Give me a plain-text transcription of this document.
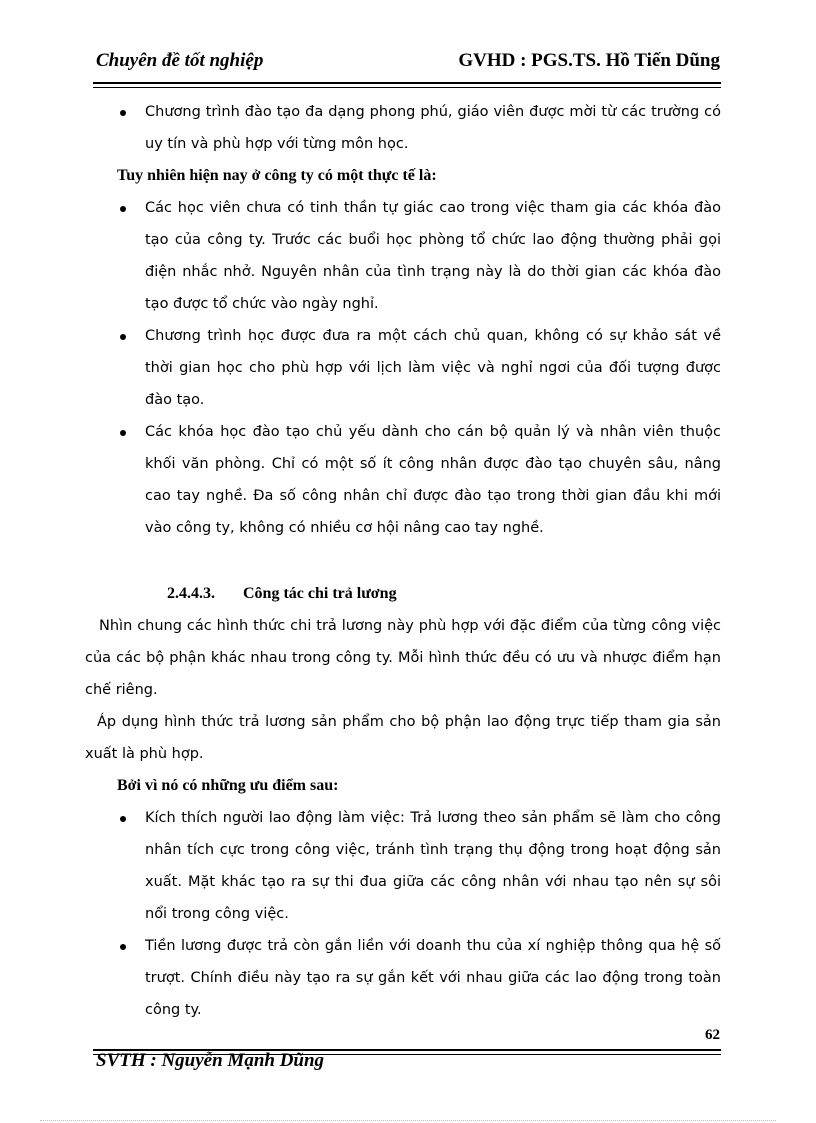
Chuyên đề tốt nghiệp	GVHD : PGS.TS. Hồ Tiến Dũng
Chương trình đào tạo đa dạng phong phú, giáo viên được mời từ các trường có uy tín và phù hợp với từng môn học.
Tuy nhiên hiện nay ở công ty có một thực tế là:
Các học viên chưa có tinh thần tự giác cao trong việc tham gia các khóa đào tạo của công ty. Trước các buổi học phòng tổ chức lao động thường phải gọi điện nhắc nhở. Nguyên nhân của tình trạng này là do thời gian các khóa đào tạo được tổ chức vào ngày nghỉ.
Chương trình học được đưa ra một cách chủ quan, không có sự khảo sát về thời gian học cho phù hợp với lịch làm việc và nghỉ ngơi của đối tượng được đào tạo.
Các khóa học đào tạo chủ yếu dành cho cán bộ quản lý và nhân viên thuộc khối văn phòng. Chỉ có một số ít công nhân được đào tạo chuyên sâu, nâng cao tay nghề. Đa số công nhân chỉ được đào tạo trong thời gian đầu khi mới vào công ty, không có nhiều cơ hội nâng cao tay nghề.
2.4.4.3. Công tác chi trả lương
Nhìn chung các hình thức chi trả lương này phù hợp với đặc điểm của từng công việc của các bộ phận khác nhau trong công ty. Mỗi hình thức đều có ưu và nhược điểm hạn chế riêng.
Áp dụng hình thức trả lương sản phẩm cho bộ phận lao động trực tiếp tham gia sản xuất là phù hợp.
Bởi vì nó có những ưu điểm sau:
Kích thích người lao động làm việc: Trả lương theo sản phẩm sẽ làm cho công nhân tích cực trong công việc, tránh tình trạng thụ động trong hoạt động sản xuất. Mặt khác tạo ra sự thi đua giữa các công nhân với nhau tạo nên sự sôi nổi trong công việc.
Tiền lương được trả còn gắn liền với doanh thu của xí nghiệp thông qua hệ số trượt. Chính điều này tạo ra sự gắn kết với nhau giữa các lao động trong toàn công ty.
62
SVTH : Nguyễn Mạnh Dũng
